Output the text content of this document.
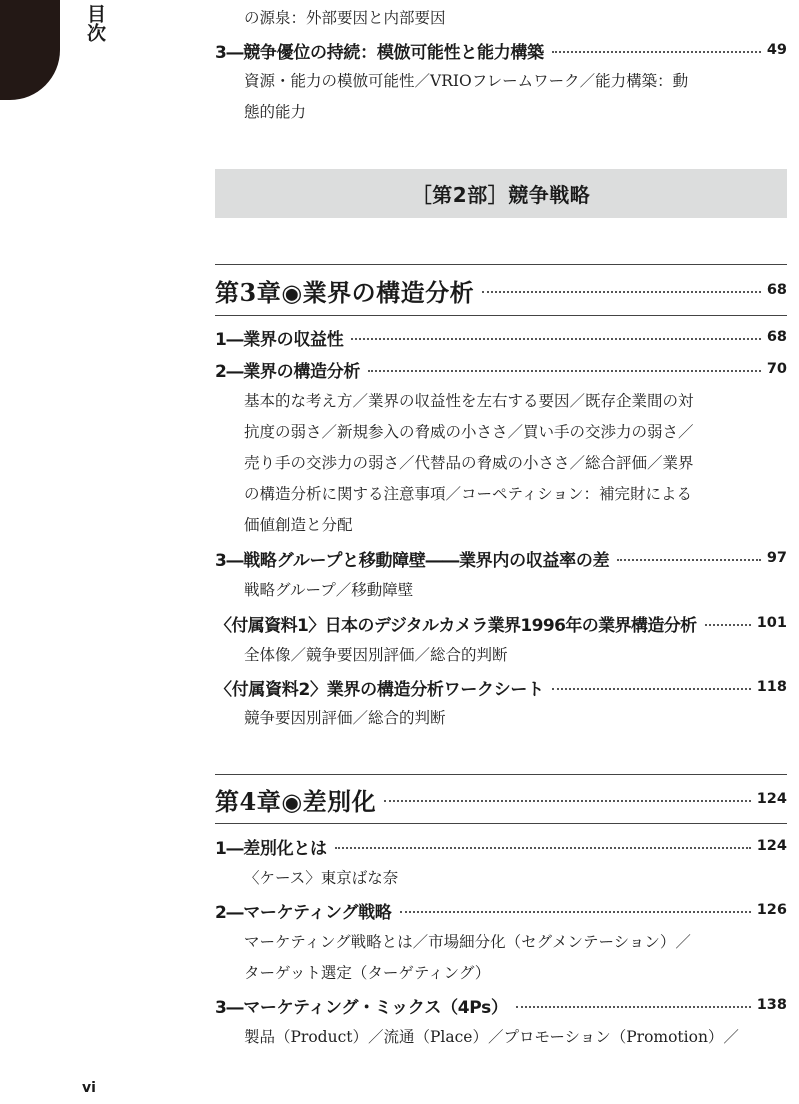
目次	の源泉：外部要因と内部要因

3―競争優位の持続：模倣可能性と能力構築	49

資源・能力の模倣可能性／VRIOフレームワーク／能力構築：動

態的能力

［第2部］競争戦略
第3章◉業界の構造分析	68
1―業界の収益性	68
2―業界の構造分析	70

基本的な考え方／業界の収益性を左右する要因／既存企業間の対

抗度の弱さ／新規参入の脅威の小ささ／買い手の交渉力の弱さ／

売り手の交渉力の弱さ／代替品の脅威の小ささ／総合評価／業界

の構造分析に関する注意事項／コーペティション：補完財による

価値創造と分配

3―戦略グループと移動障壁――業界内の収益率の差	97

戦略グループ／移動障壁

〈付属資料1〉日本のデジタルカメラ業界1996年の業界構造分析	101

全体像／競争要因別評価／総合的判断

〈付属資料2〉業界の構造分析ワークシート	118

競争要因別評価／総合的判断

第4章◉差別化	124
1―差別化とは	124

〈ケース〉東京ばな奈

2―マーケティング戦略	126

マーケティング戦略とは／市場細分化（セグメンテーション）／

ターゲット選定（ターゲティング）

3―マーケティング・ミックス（4Ps）	138

製品（Product）／流通（Place）／プロモーション（Promotion）／

vi
